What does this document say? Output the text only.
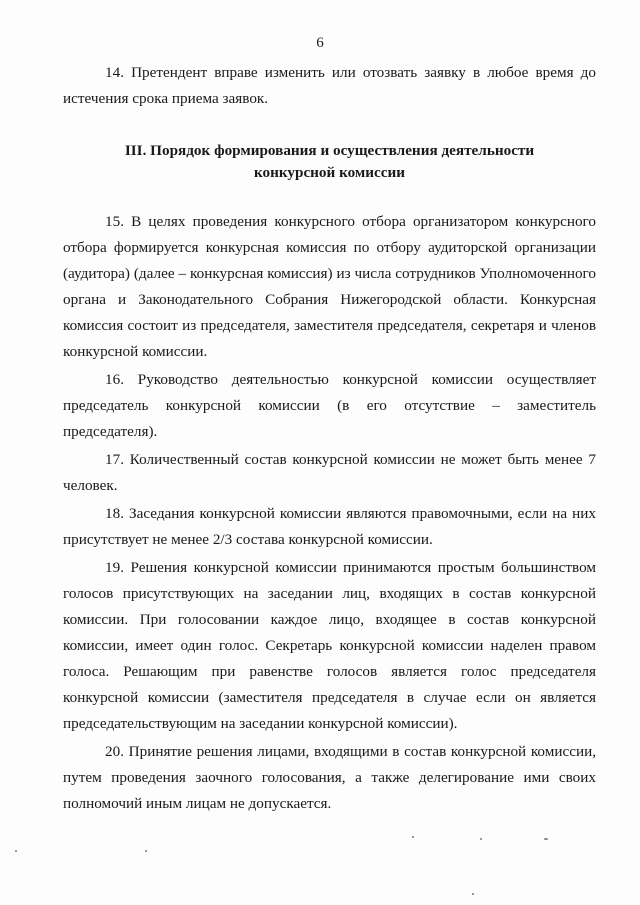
6

14. Претендент вправе изменить или отозвать заявку в любое время до истечения срока приема заявок.

III. Порядок формирования и осуществления деятельности
конкурсной комиссии

15. В целях проведения конкурсного отбора организатором конкурсного отбора формируется конкурсная комиссия по отбору аудиторской организации (аудитора) (далее – конкурсная комиссия) из числа сотрудников Уполномоченного органа и Законодательного Собрания Нижегородской области. Конкурсная комиссия состоит из председателя, заместителя председателя, секретаря и членов конкурсной комиссии.

16. Руководство деятельностью конкурсной комиссии осуществляет председатель конкурсной комиссии (в его отсутствие – заместитель председателя).

17. Количественный состав конкурсной комиссии не может быть менее 7 человек.

18. Заседания конкурсной комиссии являются правомочными, если на них присутствует не менее 2/3 состава конкурсной комиссии.

19. Решения конкурсной комиссии принимаются простым большинством голосов присутствующих на заседании лиц, входящих в состав конкурсной комиссии. При голосовании каждое лицо, входящее в состав конкурсной комиссии, имеет один голос. Секретарь конкурсной комиссии наделен правом голоса. Решающим при равенстве голосов является голос председателя конкурсной комиссии (заместителя председателя в случае если он является председательствующим на заседании конкурсной комиссии).

20. Принятие решения лицами, входящими в состав конкурсной комиссии, путем проведения заочного голосования, а также делегирование ими своих полномочий иным лицам не допускается.
